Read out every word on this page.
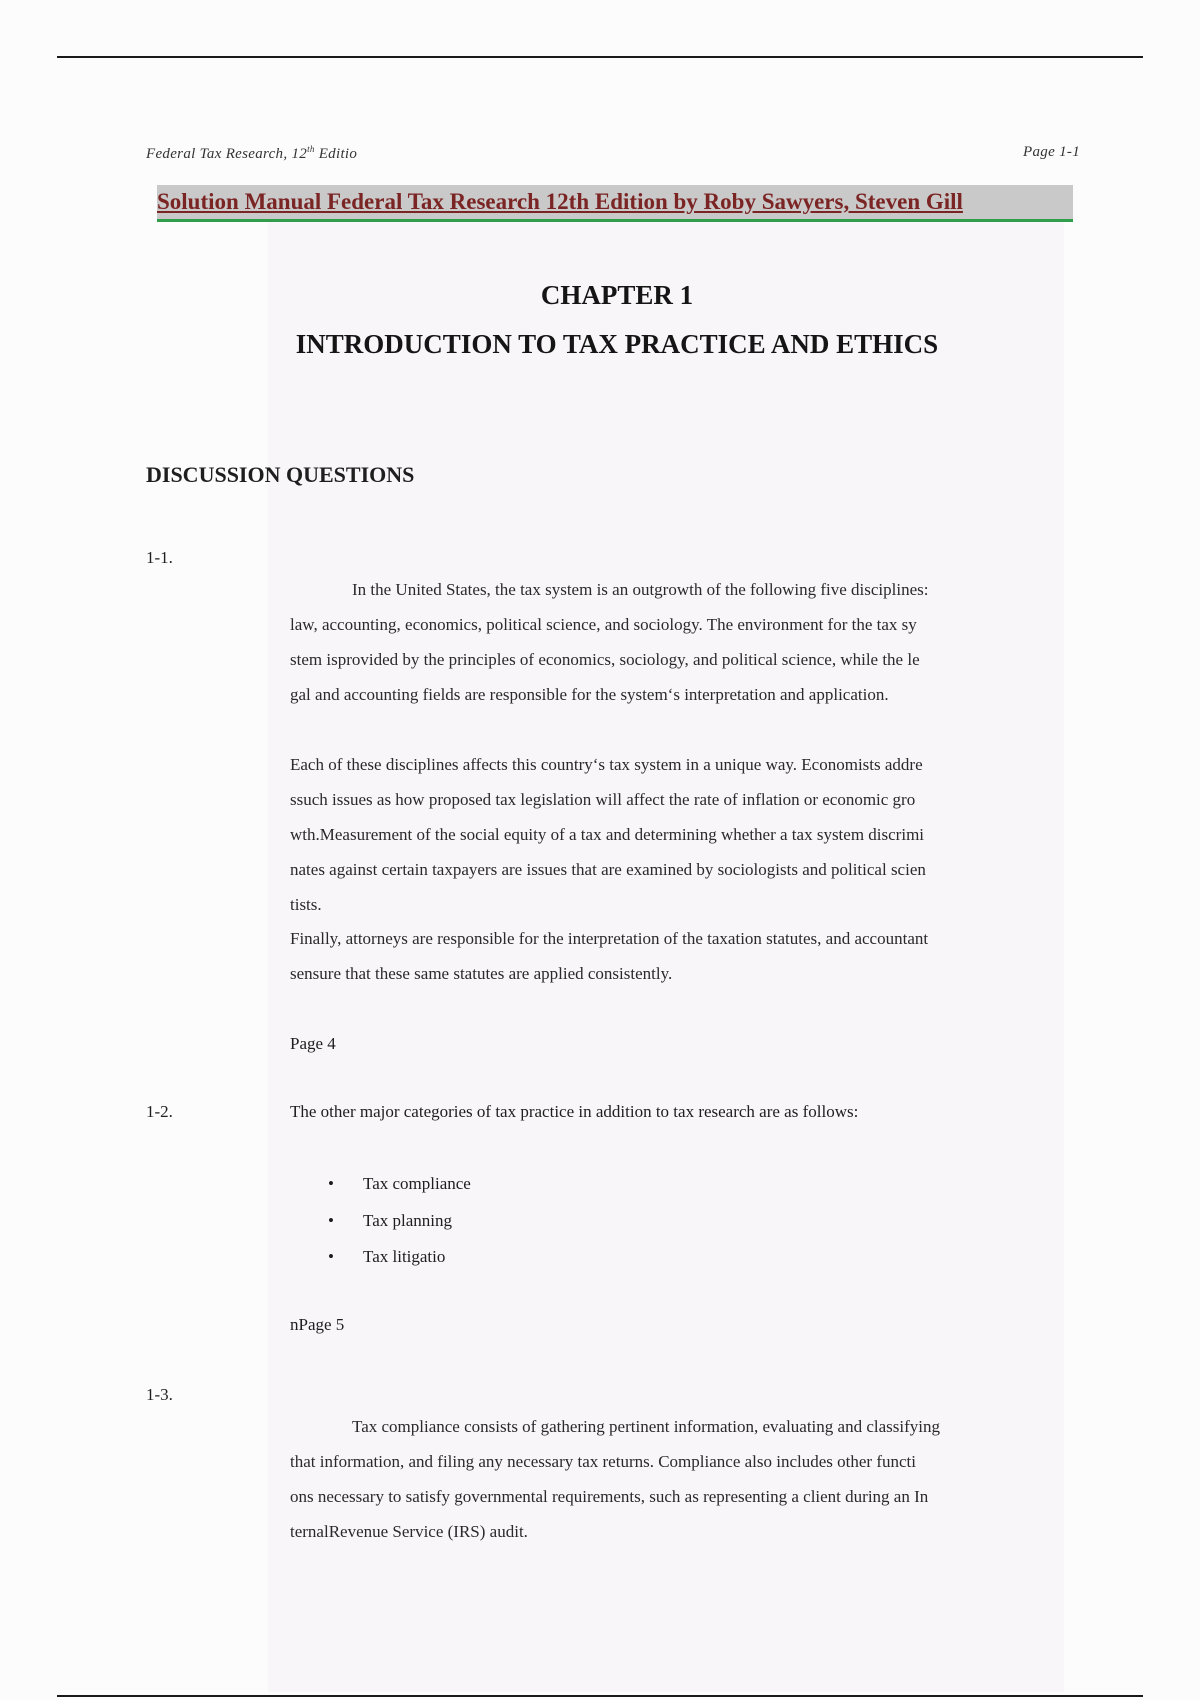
Federal Tax Research, 12th Editio	Page 1-1
Solution Manual Federal Tax Research 12th Edition by Roby Sawyers, Steven Gill
CHAPTER 1
INTRODUCTION TO TAX PRACTICE AND ETHICS
DISCUSSION QUESTIONS
1-1.
In the United States, the tax system is an outgrowth of the following five disciplines:
law, accounting, economics, political science, and sociology. The environment for the tax sy
stem isprovided by the principles of economics, sociology, and political science, while the le
gal and accounting fields are responsible for the system‘s interpretation and application.
Each of these disciplines affects this country‘s tax system in a unique way. Economists addre
ssuch issues as how proposed tax legislation will affect the rate of inflation or economic gro
wth.Measurement of the social equity of a tax and determining whether a tax system discrimi
nates against certain taxpayers are issues that are examined by sociologists and political scien
tists.
Finally, attorneys are responsible for the interpretation of the taxation statutes, and accountant
sensure that these same statutes are applied consistently.
Page 4
1-2.	The other major categories of tax practice in addition to tax research are as follows:
• Tax compliance
• Tax planning
• Tax litigatio
nPage 5
1-3.
Tax compliance consists of gathering pertinent information, evaluating and classifying
that information, and filing any necessary tax returns. Compliance also includes other functi
ons necessary to satisfy governmental requirements, such as representing a client during an In
ternalRevenue Service (IRS) audit.
